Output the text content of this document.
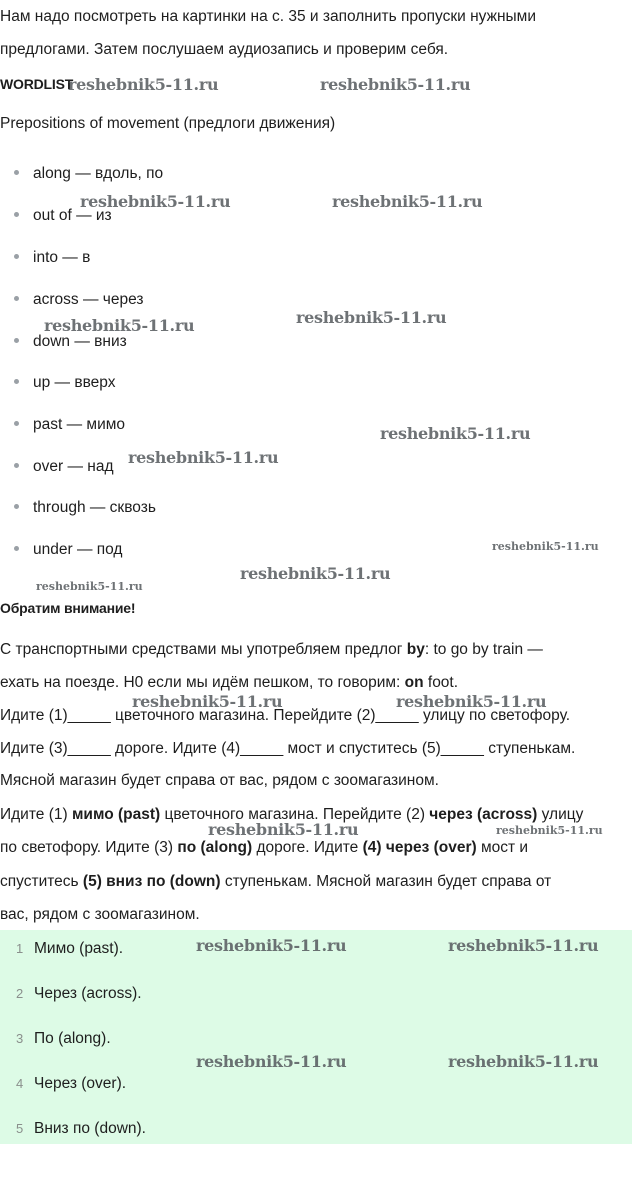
Нам надо посмотреть на картинки на с. 35 и заполнить пропуски нужными
предлогами. Затем послушаем аудиозапись и проверим себя.
WORDLIST
Prepositions of movement (предлоги движения)
along — вдоль, по
out of — из
into — в
across — через
down — вниз
up — вверх
past — мимо
over — над
through — сквозь
under — под
Обратим внимание!
С транспортными средствами мы употребляем предлог by: to go by train —
ехать на поезде. Н0 если мы идём пешком, то говорим: on foot.
Идите (1)_____ цветочного магазина. Перейдите (2)_____ улицу по светофору.
Идите (3)_____ дороге. Идите (4)_____ мост и спуститесь (5)_____ ступенькам.
Мясной магазин будет справа от вас, рядом с зоомагазином.
Идите (1) мимо (past) цветочного магазина. Перейдите (2) через (across) улицу
по светофору. Идите (3) по (along) дороге. Идите (4) через (over) мост и
спуститесь (5) вниз по (down) ступенькам. Мясной магазин будет справа от
вас, рядом с зоомагазином.
1 Мимо (past).
2 Через (across).
3 По (along).
4 Через (over).
5 Вниз по (down).
reshebnik5-11.ru	reshebnik5-11.ru
reshebnik5-11.ru	reshebnik5-11.ru
reshebnik5-11.ru	reshebnik5-11.ru
reshebnik5-11.ru
reshebnik5-11.ru
reshebnik5-11.ru
reshebnik5-11.ru
reshebnik5-11.ru
reshebnik5-11.ru	reshebnik5-11.ru
reshebnik5-11.ru	reshebnik5-11.ru
reshebnik5-11.ru	reshebnik5-11.ru
reshebnik5-11.ru	reshebnik5-11.ru
